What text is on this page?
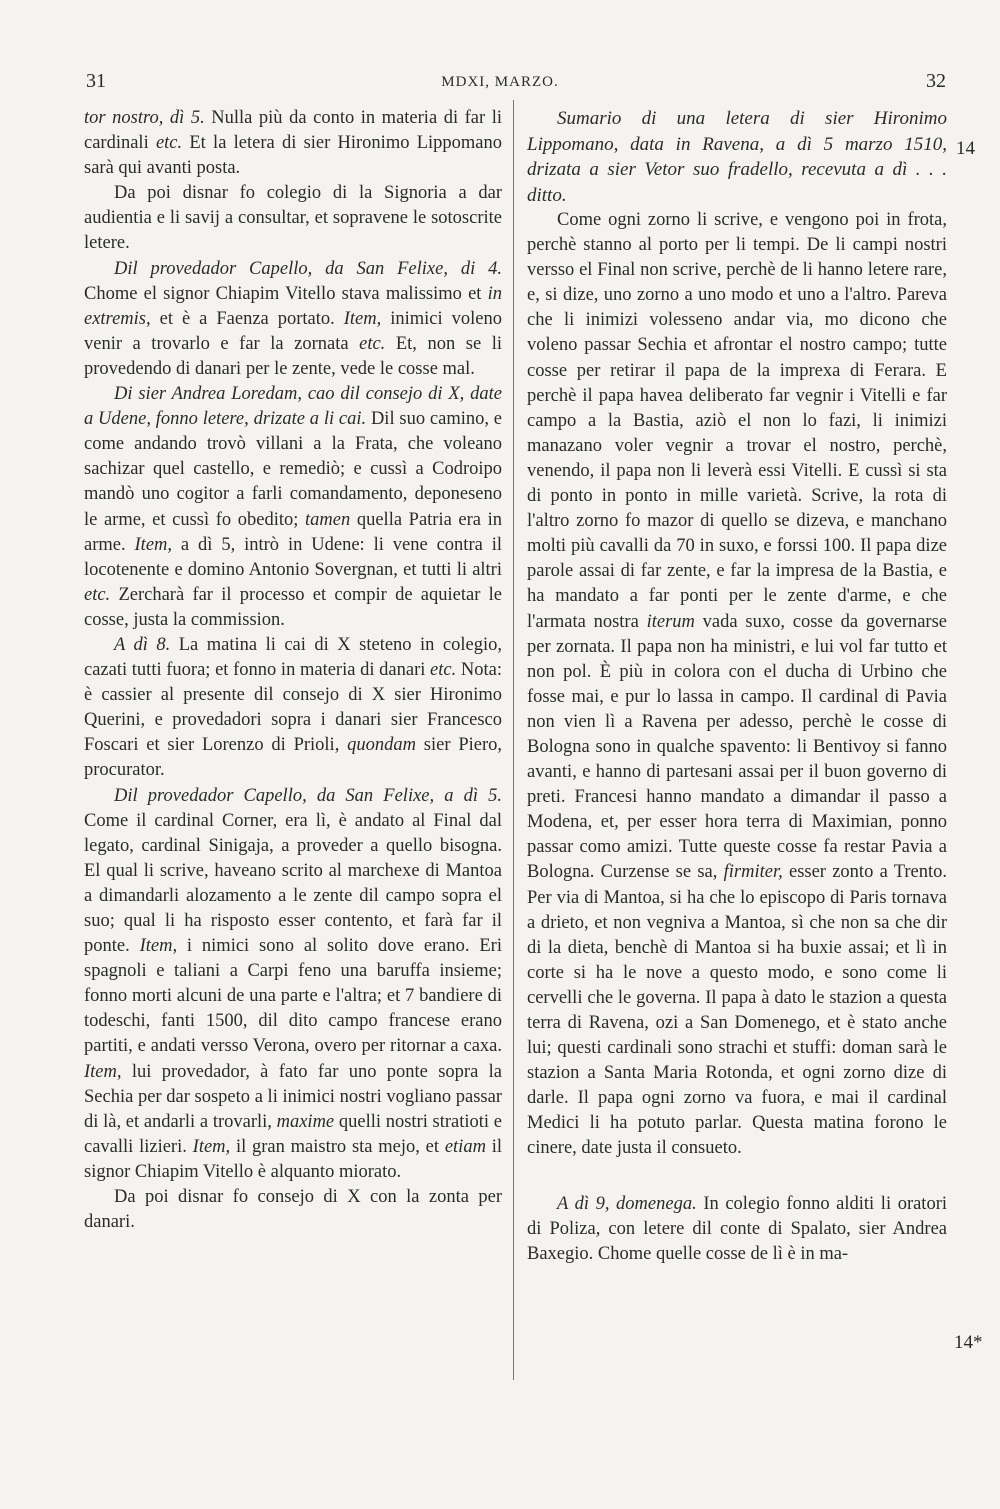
31	MDXI, MARZO.	32

tor nostro, dì 5. Nulla più da conto in materia di far li cardinali etc. Et la letera di sier Hironimo Lippomano sarà qui avanti posta.

Da poi disnar fo colegio di la Signoria a dar audientia e li savij a consultar, et sopravene le sotoscrite letere.

Dil provedador Capello, da San Felixe, di 4. Chome el signor Chiapim Vitello stava malissimo et in extremis, et è a Faenza portato. Item, inimici voleno venir a trovarlo e far la zornata etc. Et, non se li provedendo di danari per le zente, vede le cosse mal.

Di sier Andrea Loredam, cao dil consejo di X, date a Udene, fonno letere, drizate a li cai. Dil suo camino, e come andando trovò villani a la Frata, che voleano sachizar quel castello, e remediò; e cussì a Codroipo mandò uno cogitor a farli comandamento, deponeseno le arme, et cussì fo obedito; tamen quella Patria era in arme. Item, a dì 5, intrò in Udene: li vene contra il locotenente e domino Antonio Sovergnan, et tutti li altri etc. Zercharà far il processo et compir de aquietar le cosse, justa la commission.

A dì 8. La matina li cai di X steteno in colegio, cazati tutti fuora; et fonno in materia di danari etc. Nota: è cassier al presente dil consejo di X sier Hironimo Querini, e provedadori sopra i danari sier Francesco Foscari et sier Lorenzo di Prioli, quondam sier Piero, procurator.

Dil provedador Capello, da San Felixe, a dì 5. Come il cardinal Corner, era lì, è andato al Final dal legato, cardinal Sinigaja, a proveder a quello bisogna. El qual li scrive, haveano scrito al marchexe di Mantoa a dimandarli alozamento a le zente dil campo sopra el suo; qual li ha risposto esser contento, et farà far il ponte. Item, i nimici sono al solito dove erano. Eri spagnoli e taliani a Carpi feno una baruffa insieme; fonno morti alcuni de una parte e l'altra; et 7 bandiere di todeschi, fanti 1500, dil dito campo francese erano partiti, e andati versso Verona, overo per ritornar a caxa. Item, lui provedador, à fato far uno ponte sopra la Sechia per dar sospeto a li inimici nostri vogliano passar di là, et andarli a trovarli, maxime quelli nostri stratioti e cavalli lizieri. Item, il gran maistro sta mejo, et etiam il signor Chiapim Vitello è alquanto mioratо.

Da poi disnar fo consejo di X con la zonta per danari.

Sumario di una letera di sier Hironimo Lippomano, data in Ravena, a dì 5 marzo 1510, drizata a sier Vetor suo fradello, recevuta a dì . . . ditto.

Come ogni zorno li scrive, e vengono poi in frota, perchè stanno al porto per li tempi. De li campi nostri versso el Final non scrive, perchè de li hanno letere rare, e, si dize, uno zorno a uno modo et uno a l'altro. Pareva che li inimizi volesseno andar via, mo dicono che voleno passar Sechia et afrontar el nostro campo; tutte cosse per retirar il papa de la imprexa di Ferara. E perchè il papa havea deliberato far vegnir i Vitelli e far campo a la Bastia, aziò el non lo fazi, li inimizi manazano voler vegnir a trovar el nostro, perchè, venendo, il papa non li leverà essi Vitelli. E cussì si sta di ponto in ponto in mille varietà. Scrive, la rota di l'altro zorno fo mazor di quello se dizeva, e manchano molti più cavalli da 70 in suxo, e forssi 100. Il papa dize parole assai di far zente, e far la impresa de la Bastia, e ha mandato a far ponti per le zente d'arme, e che l'armata nostra iterum vada suxo, cosse da governarse per zornata. Il papa non ha ministri, e lui vol far tutto et non pol. È più in colora con el ducha di Urbino che fosse mai, e pur lo lassa in campo. Il cardinal di Pavia non vien lì a Ravena per adesso, perchè le cosse di Bologna sono in qualche spavento: li Bentivoy si fanno avanti, e hanno di partesani assai per il buon governo di preti. Francesi hanno mandato a dimandar il passo a Modena, et, per esser hora terra di Maximian, ponno passar como amizi. Tutte queste cosse fa restar Pavia a Bologna. Curzense se sa, firmiter, esser zonto a Trento. Per via di Mantoa, si ha che lo episcopo di Paris tornava a drieto, et non vegniva a Mantoa, sì che non sa che dir di la dieta, benchè di Mantoa si ha buxie assai; et lì in corte si ha le nove a questo modo, e sono come li cervelli che le governa. Il papa à dato le stazion a questa terra di Ravena, ozi a San Domenego, et è stato anche lui; questi cardinali sono strachi et stuffi: doman sarà le stazion a Santa Maria Rotonda, et ogni zorno dize di darle. Il papa ogni zorno va fuora, e mai il cardinal Medici li ha potuto parlar. Questa matina forono le cinere, date justa il consueto.

A dì 9, domenega. In colegio fonno alditi li oratori di Poliza, con letere dil conte di Spalato, sier Andrea Baxegio. Chome quelle cosse de lì è in ma-

14
14*
